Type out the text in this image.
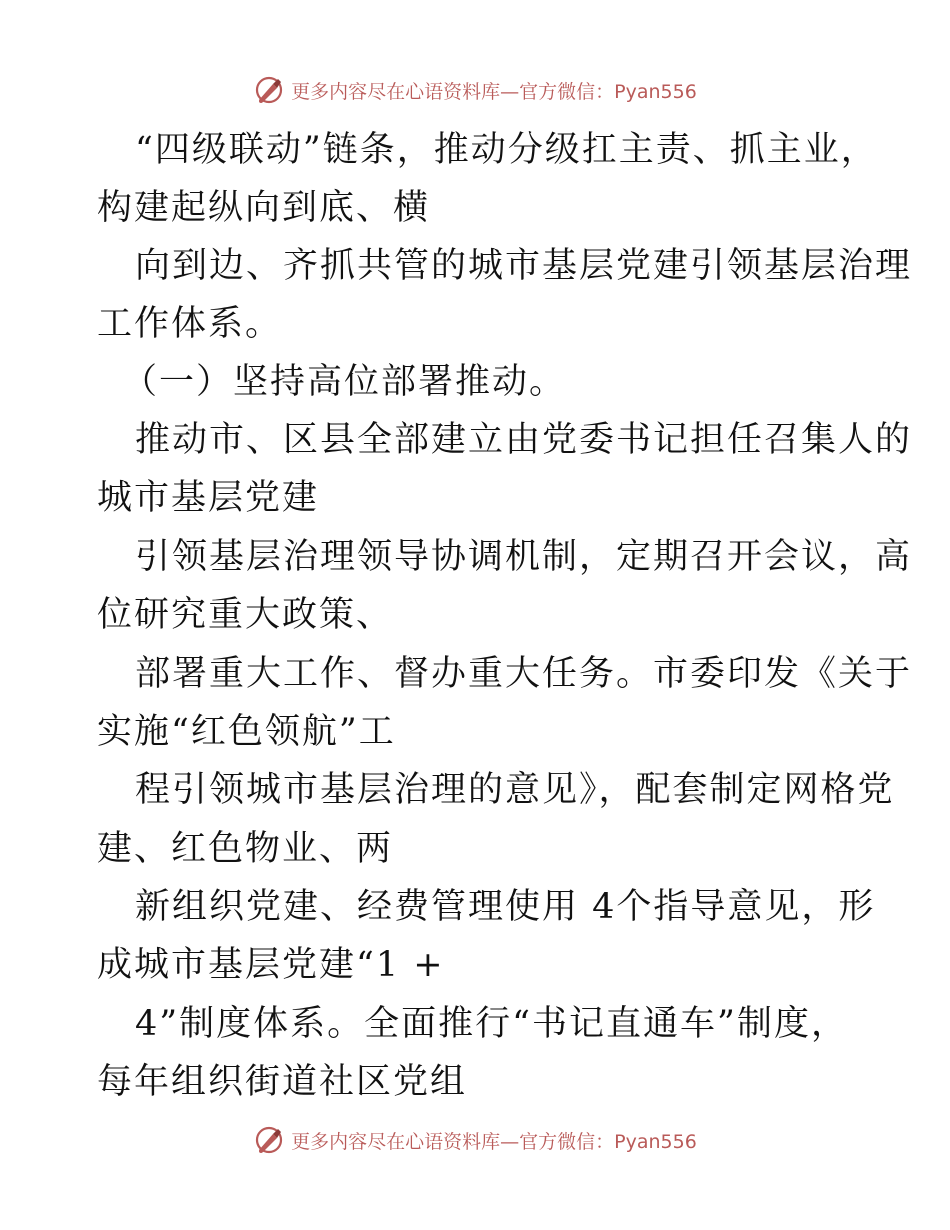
更多内容尽在心语资料库—官方微信：Pyan556
“四级联动”链条，推动分级扛主责、抓主业，
构建起纵向到底、横
向到边、齐抓共管的城市基层党建引领基层治理
工作体系。
（一）坚持高位部署推动。
推动市、区县全部建立由党委书记担任召集人的
城市基层党建
引领基层治理领导协调机制，定期召开会议，高
位研究重大政策、
部署重大工作、督办重大任务。市委印发《关于
实施“红色领航”工
程引领城市基层治理的意见》，配套制定网格党
建、红色物业、两
新组织党建、经费管理使用 4个指导意见，形
成城市基层党建“1 +
4”制度体系。全面推行“书记直通车”制度，
每年组织街道社区党组
更多内容尽在心语资料库—官方微信：Pyan556
